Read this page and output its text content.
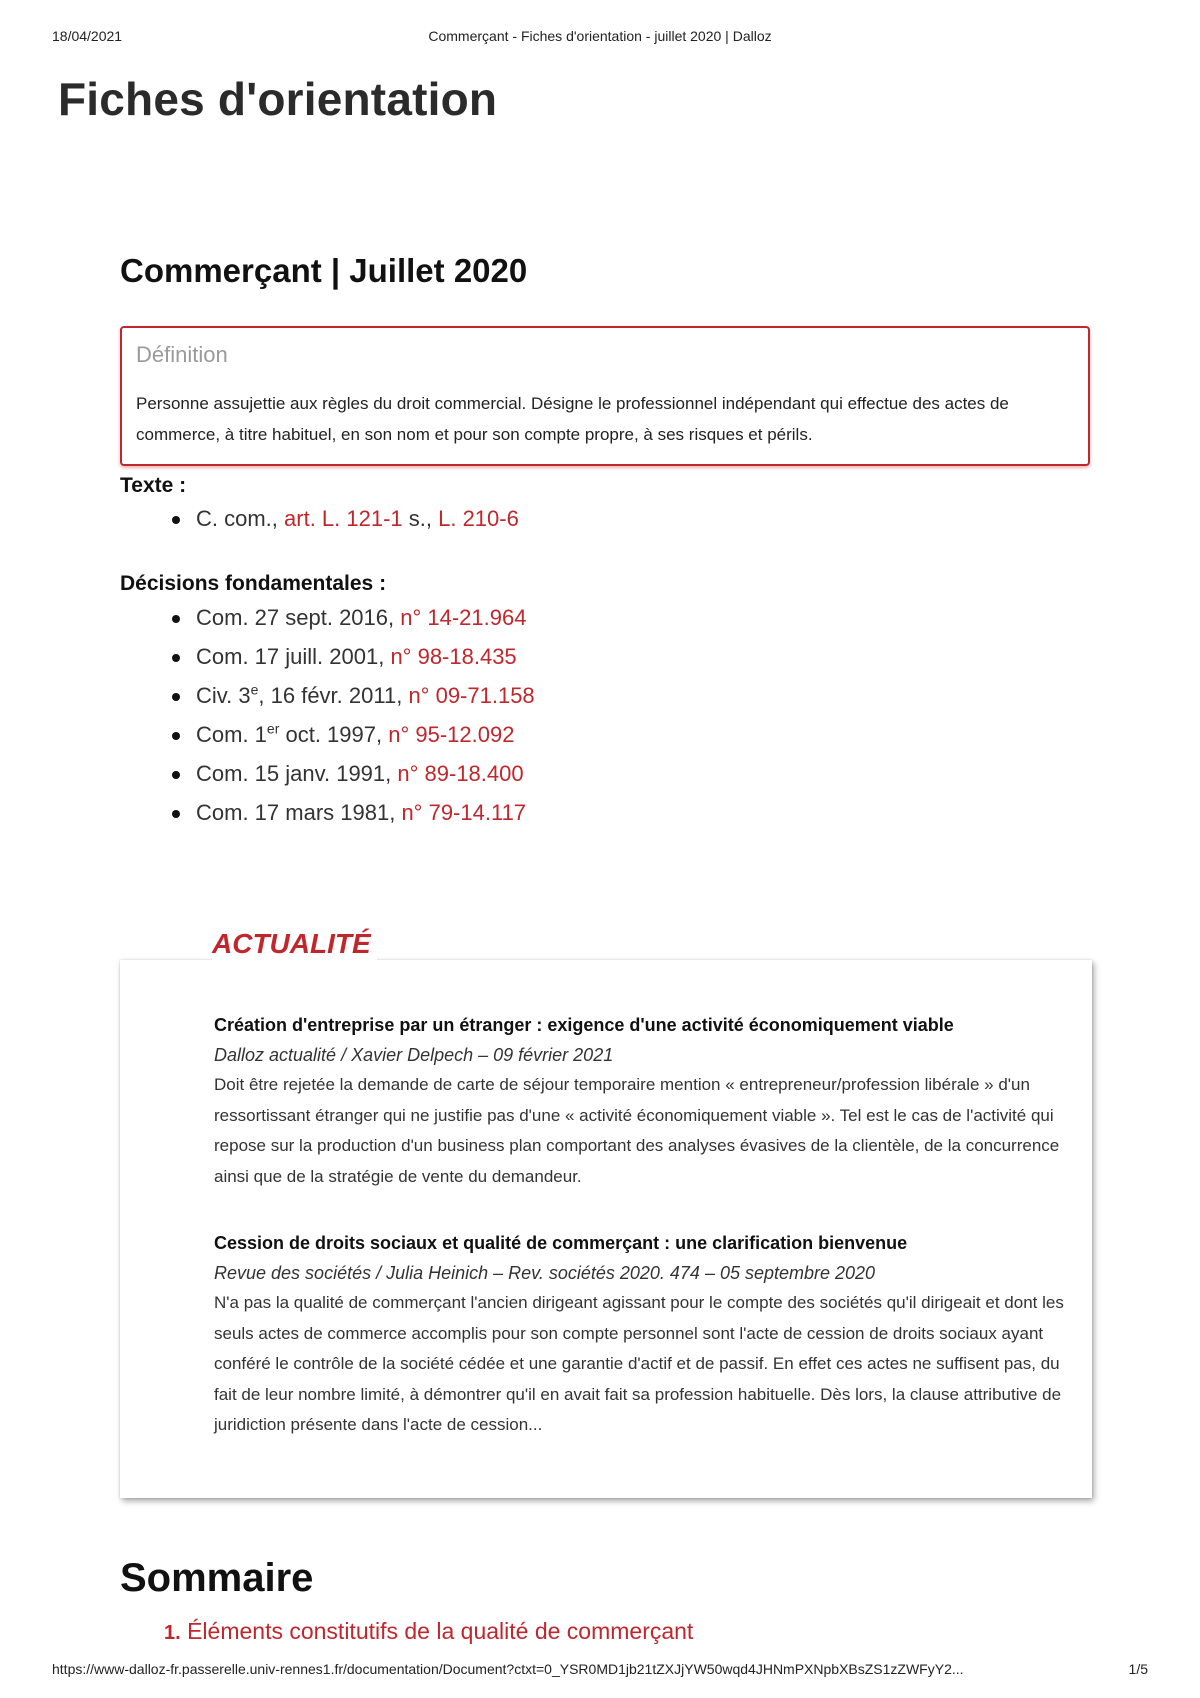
18/04/2021	Commerçant - Fiches d'orientation - juillet 2020 | Dalloz
Fiches d'orientation
Commerçant | Juillet 2020
Définition

Personne assujettie aux règles du droit commercial. Désigne le professionnel indépendant qui effectue des actes de commerce, à titre habituel, en son nom et pour son compte propre, à ses risques et périls.

Texte :
C. com., art. L. 121-1 s., L. 210-6
Décisions fondamentales :
Com. 27 sept. 2016, n° 14-21.964
Com. 17 juill. 2001, n° 98-18.435
Civ. 3e, 16 févr. 2011, n° 09-71.158
Com. 1er oct. 1997, n° 95-12.092
Com. 15 janv. 1991, n° 89-18.400
Com. 17 mars 1981, n° 79-14.117
ACTUALITÉ
Création d'entreprise par un étranger : exigence d'une activité économiquement viable
Dalloz actualité / Xavier Delpech – 09 février 2021

Doit être rejetée la demande de carte de séjour temporaire mention « entrepreneur/profession libérale » d'un ressortissant étranger qui ne justifie pas d'une « activité économiquement viable ». Tel est le cas de l'activité qui repose sur la production d'un business plan comportant des analyses évasives de la clientèle, de la concurrence ainsi que de la stratégie de vente du demandeur.

Cession de droits sociaux et qualité de commerçant : une clarification bienvenue
Revue des sociétés / Julia Heinich – Rev. sociétés 2020. 474 – 05 septembre 2020

N'a pas la qualité de commerçant l'ancien dirigeant agissant pour le compte des sociétés qu'il dirigeait et dont les seuls actes de commerce accomplis pour son compte personnel sont l'acte de cession de droits sociaux ayant conféré le contrôle de la société cédée et une garantie d'actif et de passif. En effet ces actes ne suffisent pas, du fait de leur nombre limité, à démontrer qu'il en avait fait sa profession habituelle. Dès lors, la clause attributive de juridiction présente dans l'acte de cession...

Sommaire
1. Éléments constitutifs de la qualité de commerçant
https://www-dalloz-fr.passerelle.univ-rennes1.fr/documentation/Document?ctxt=0_YSR0MD1jb21tZXJjYW50wqd4JHNmPXNpbXBsZS1zZWFyY2...	1/5
